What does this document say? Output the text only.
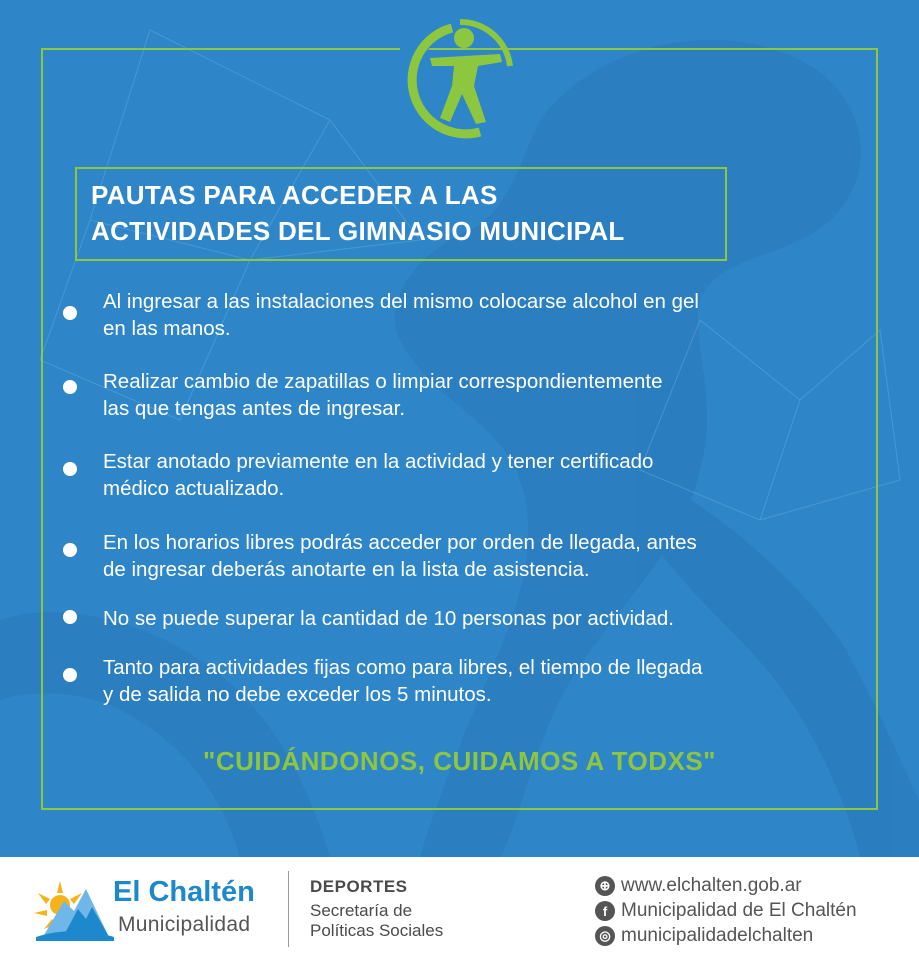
PAUTAS PARA ACCEDER A LAS
ACTIVIDADES DEL GIMNASIO MUNICIPAL
Al ingresar a las instalaciones del mismo colocarse alcohol en gel
en las manos.
Realizar cambio de zapatillas o limpiar correspondientemente
las que tengas antes de ingresar.
Estar anotado previamente en la actividad y tener certificado
médico actualizado.
En los horarios libres podrás acceder por orden de llegada, antes
de ingresar deberás anotarte en la lista de asistencia.
No se puede superar la cantidad de 10 personas por actividad.
Tanto para actividades fijas como para libres, el tiempo de llegada
y de salida no debe exceder los 5 minutos.
"CUIDÁNDONOS, CUIDAMOS A TODXS"
El Chaltén
Municipalidad
DEPORTES
Secretaría de
Políticas Sociales
⊕ www.elchalten.gob.ar
f Municipalidad de El Chaltén
◎ municipalidadelchalten
